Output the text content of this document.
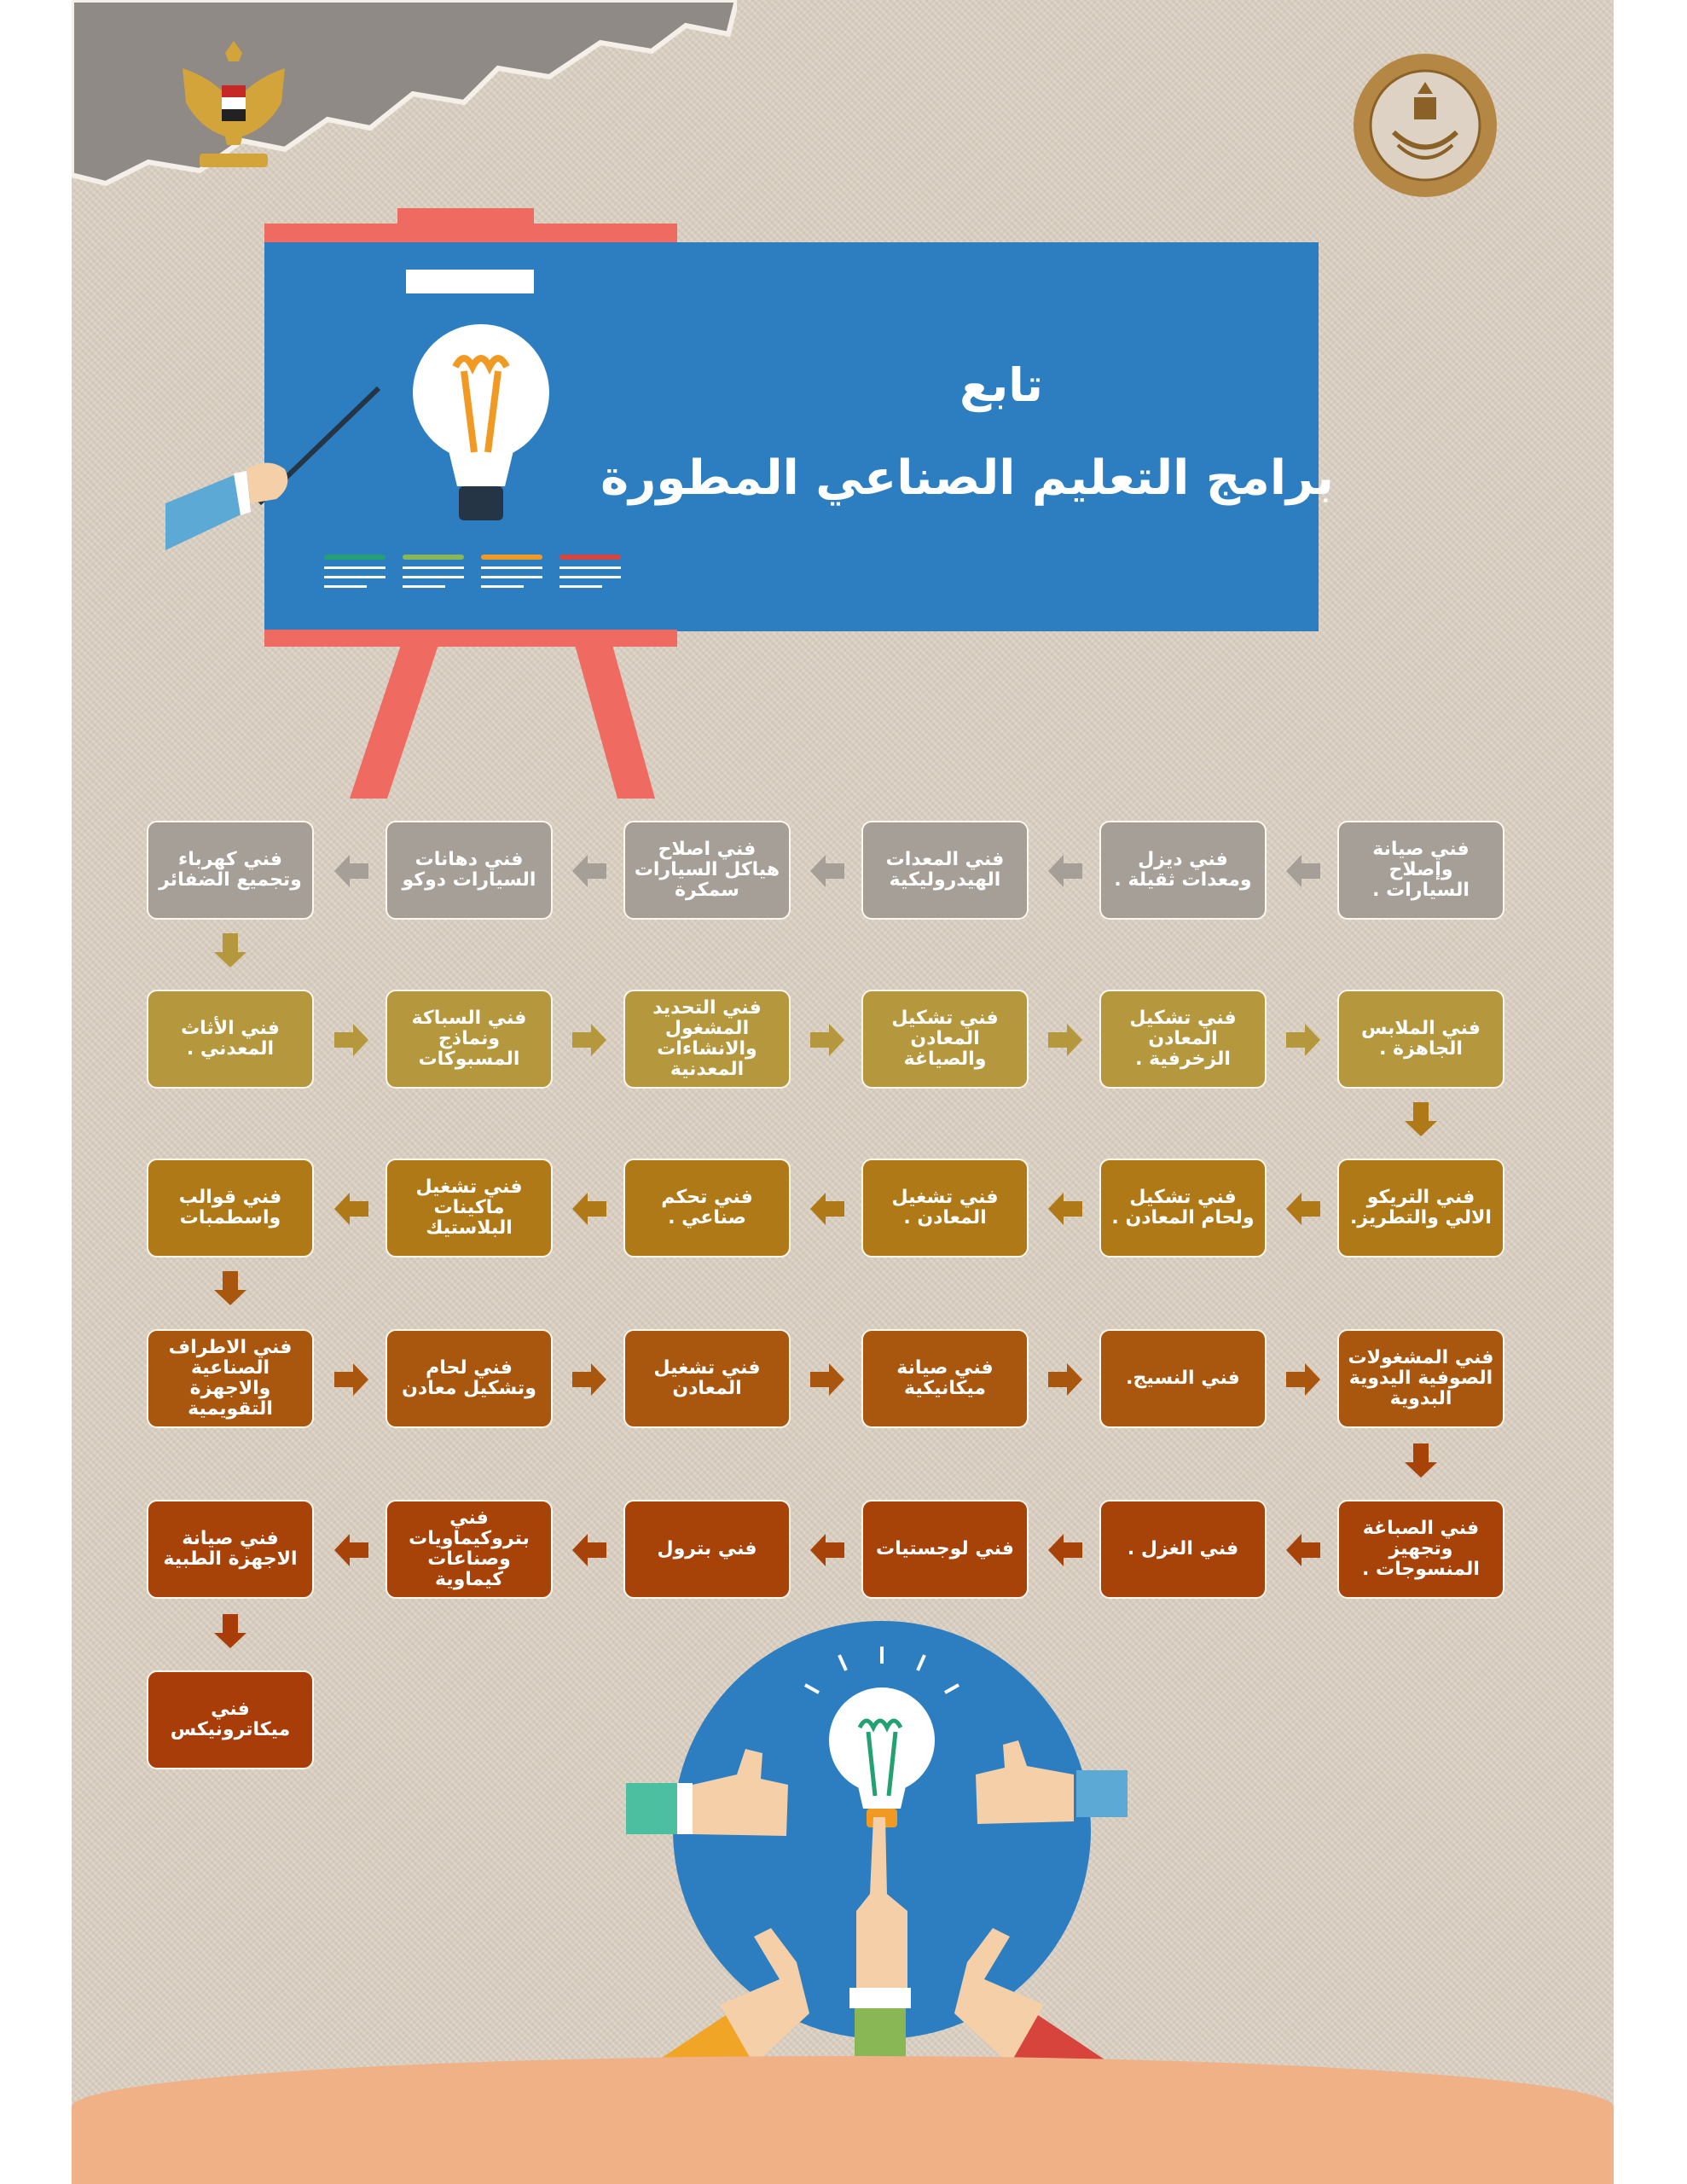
تابع
برامج التعليم الصناعي المطورة
فني صيانة وإصلاح السيارات .
فني ديزل ومعدات ثقيلة .
فني المعدات الهيدروليكية
فني اصلاح هياكل السيارات سمكرة
فني دهانات السيارات دوكو
فني كهرباء وتجميع الضفائر
فني الأثاث المعدني .
فني السباكة ونماذج المسبوكات
فني التحديد المشغول والانشاءات المعدنية
فني تشكيل المعادن والصياغة
فني تشكيل المعادن الزخرفية .
فني الملابس الجاهزة .
فني التريكو الالي والتطريز.
فني تشكيل ولحام المعادن .
فني تشغيل المعادن .
فني تحكم صناعي .
فني تشغيل ماكينات البلاستيك
فني قوالب واسطمبات
فني الاطراف الصناعية والاجهزة التقويمية
فني لحام وتشكيل معادن
فني تشغيل المعادن
فني صيانة ميكانيكية	فني النسيج.
فني المشغولات الصوفية اليدوية البدوية
فني الصباغة وتجهيز المنسوجات .
فني الغزل .
فني لوجستيات
فني بترول
فني بتروكيماويات وصناعات كيماوية
فني صيانة الاجهزة الطبية
فني ميكاترونيكس
